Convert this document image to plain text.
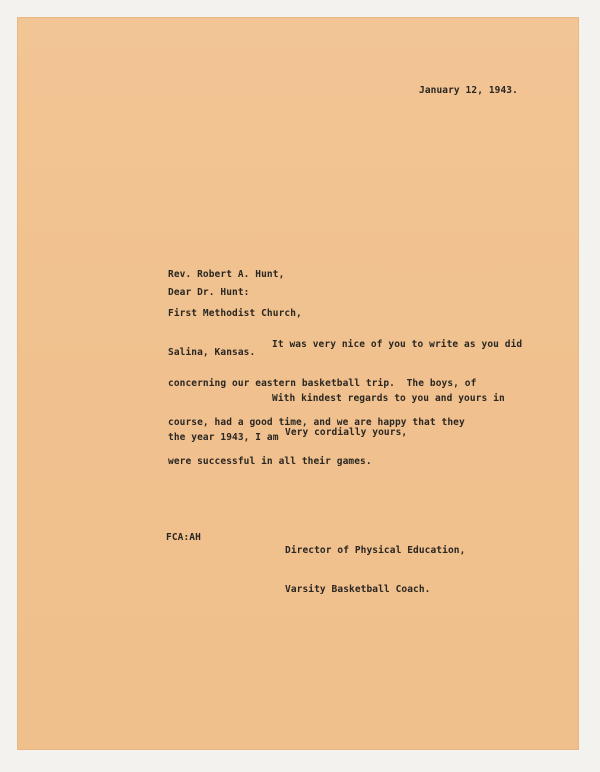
January 12, 1943.

Rev. Robert A. Hunt,

First Methodist Church,

Salina, Kansas.

Dear Dr. Hunt:

It was very nice of you to write as you did

concerning our eastern basketball trip.  The boys, of

course, had a good time, and we are happy that they

were successful in all their games.

With kindest regards to you and yours in

the year 1943, I am

Very cordially yours,

Director of Physical Education,

Varsity Basketball Coach.

FCA:AH
